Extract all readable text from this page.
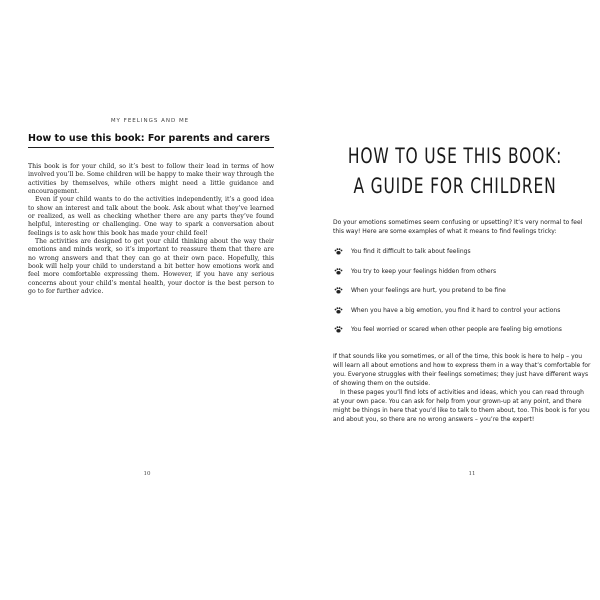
MY FEELINGS AND ME
How to use this book: For parents and carers

This book is for your child, so it’s best to follow their lead in terms of how involved you’ll be. Some children will be happy to make their way through the activities by themselves, while others might need a little guidance and encouragement.

Even if your child wants to do the activities independently, it’s a good idea to show an interest and talk about the book. Ask about what they’ve learned or realized, as well as checking whether there are any parts they’ve found helpful, interesting or challenging. One way to spark a conversation about feelings is to ask how this book has made your child feel!

The activities are designed to get your child thinking about the way their emotions and minds work, so it’s important to reassure them that there are no wrong answers and that they can go at their own pace. Hopefully, this book will help your child to understand a bit better how emotions work and feel more comfortable expressing them. However, if you have any serious concerns about your child’s mental health, your doctor is the best person to go to for further advice.

10
HOW TO USE THIS BOOK:
A GUIDE FOR CHILDREN

Do your emotions sometimes seem confusing or upsetting? It’s very normal to feel this way! Here are some examples of what it means to find feelings tricky:

You find it difficult to talk about feelings
You try to keep your feelings hidden from others
When your feelings are hurt, you pretend to be fine
When you have a big emotion, you find it hard to control your actions
You feel worried or scared when other people are feeling big emotions

If that sounds like you sometimes, or all of the time, this book is here to help – you will learn all about emotions and how to express them in a way that’s comfortable for you. Everyone struggles with their feelings sometimes; they just have different ways of showing them on the outside.

In these pages you’ll find lots of activities and ideas, which you can read through at your own pace. You can ask for help from your grown-up at any point, and there might be things in here that you’d like to talk to them about, too. This book is for you and about you, so there are no wrong answers – you’re the expert!

11
